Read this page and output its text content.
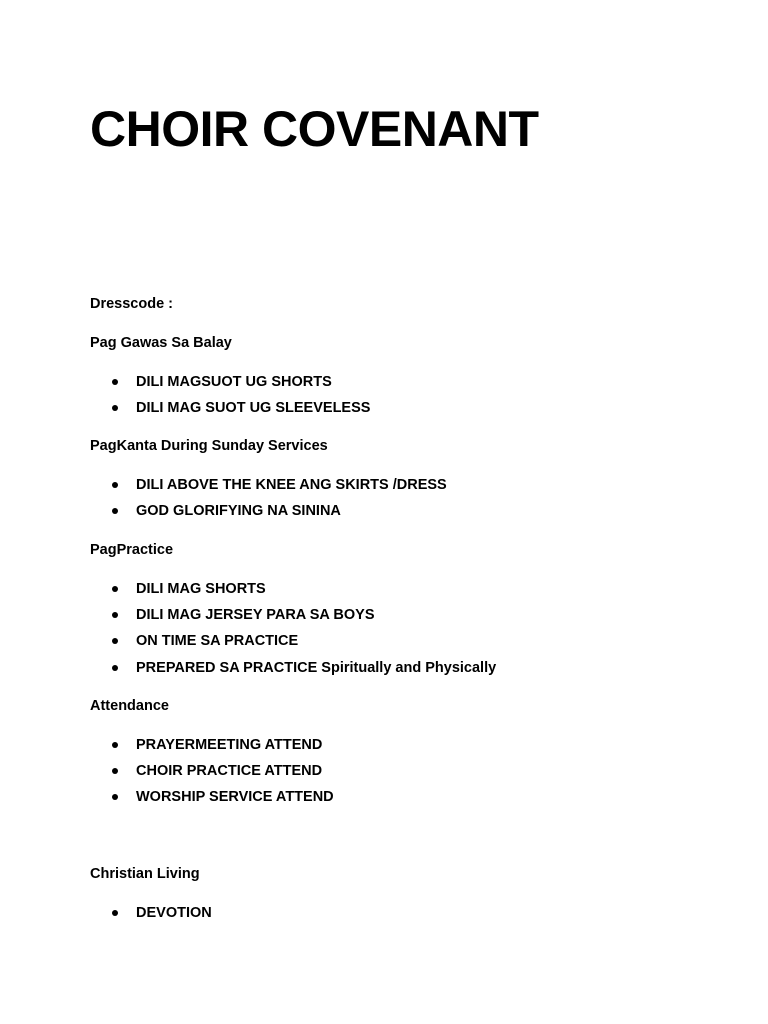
CHOIR COVENANT

Dresscode :

Pag Gawas Sa Balay

DILI MAGSUOT UG SHORTS
DILI MAG SUOT UG SLEEVELESS

PagKanta During Sunday Services

DILI ABOVE THE KNEE ANG SKIRTS /DRESS
GOD GLORIFYING NA SININA

PagPractice

DILI MAG SHORTS
DILI MAG JERSEY PARA SA BOYS
ON TIME SA PRACTICE
PREPARED SA PRACTICE Spiritually and Physically

Attendance

PRAYERMEETING ATTEND
CHOIR PRACTICE ATTEND
WORSHIP SERVICE ATTEND

Christian Living

DEVOTION
